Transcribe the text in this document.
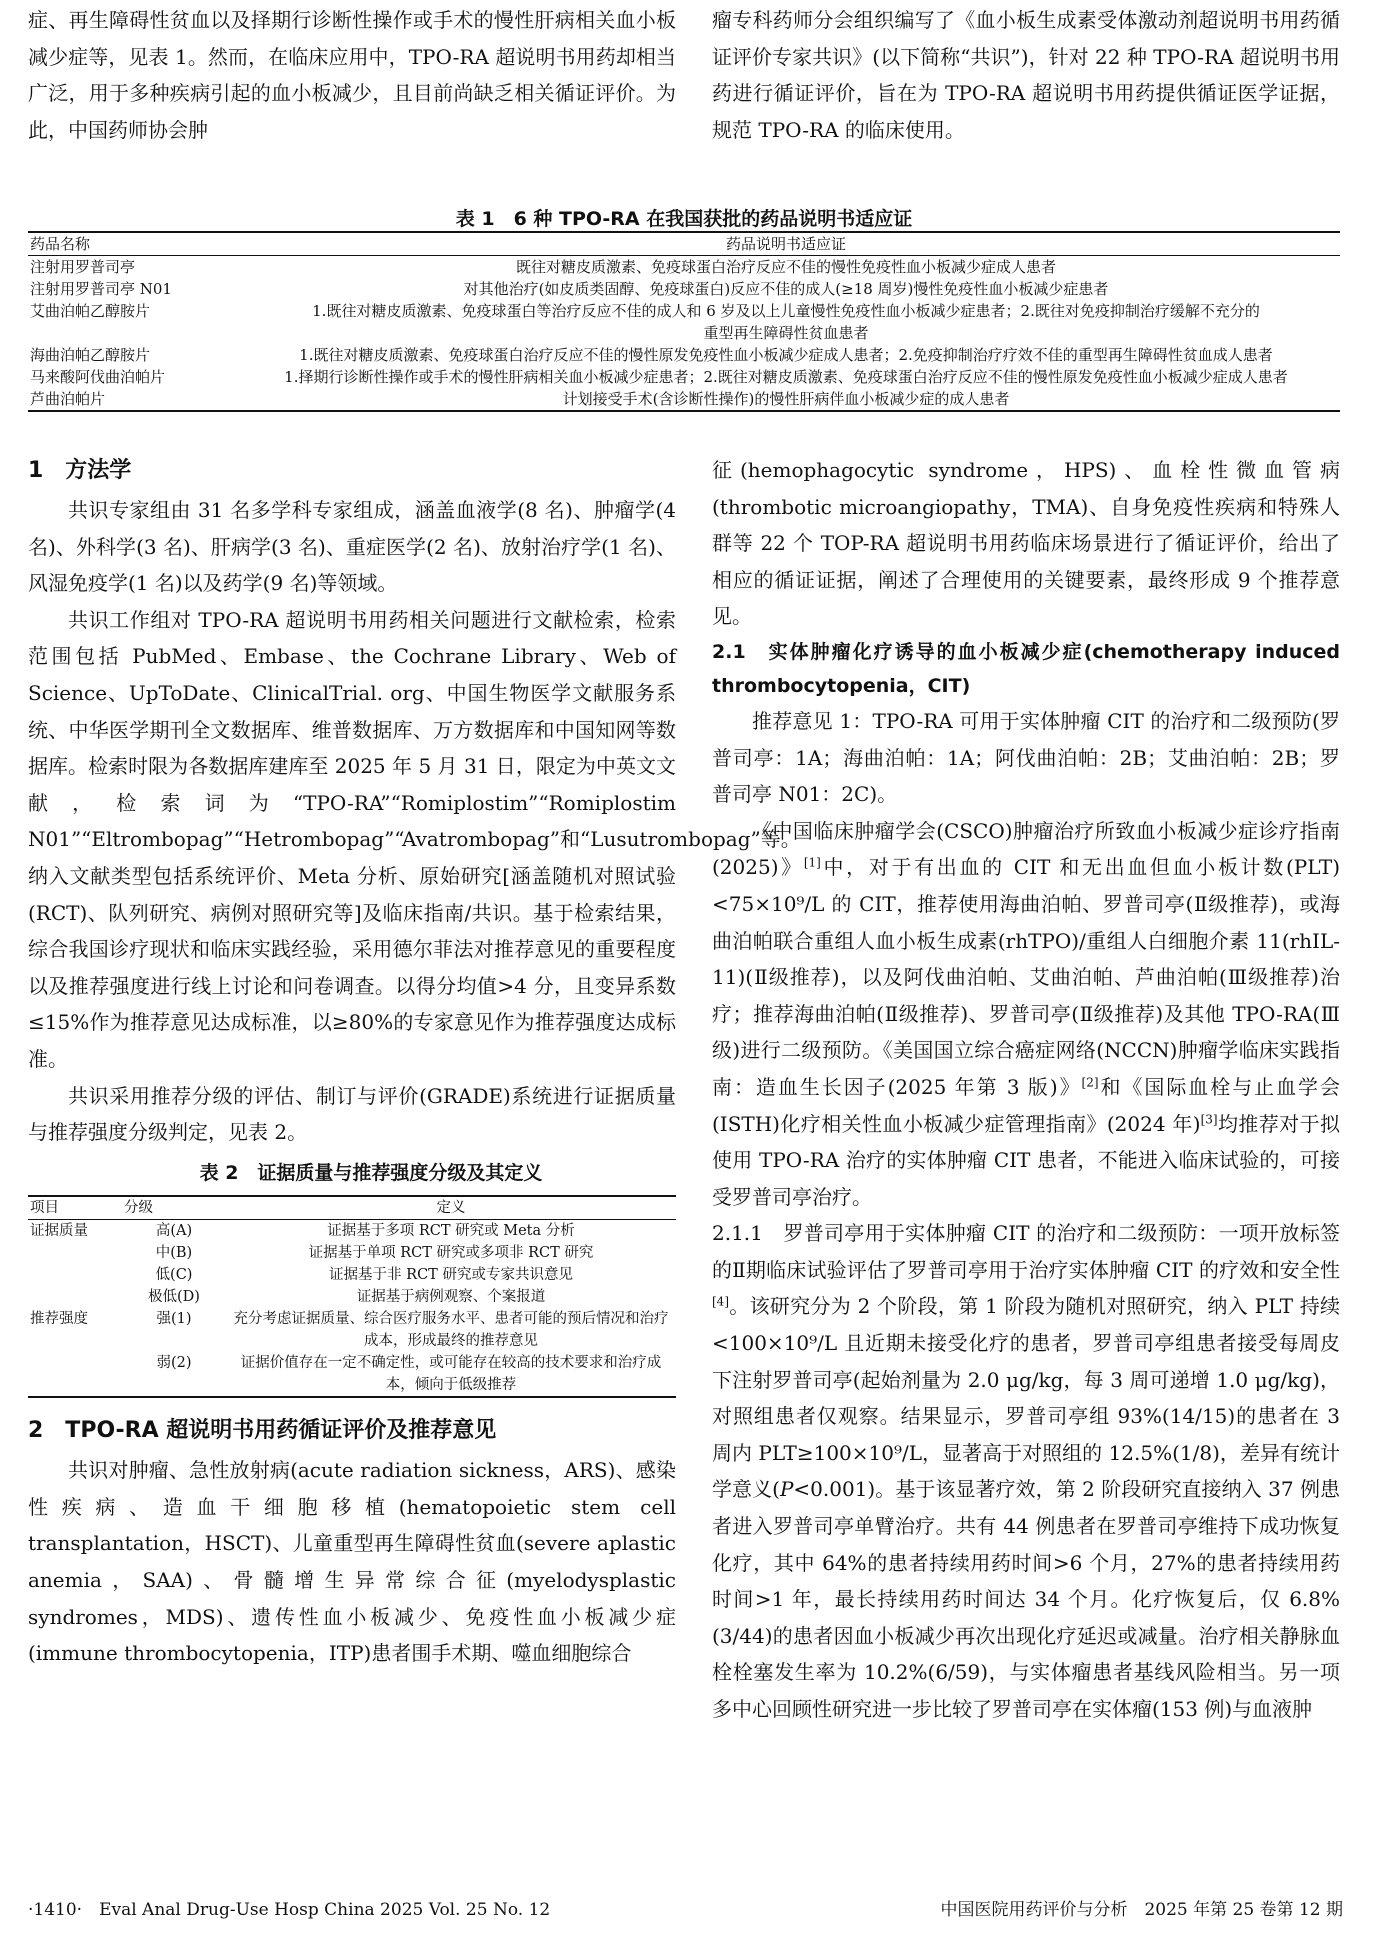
症、再生障碍性贫血以及择期行诊断性操作或手术的慢性肝病相关血小板减少症等，见表 1。然而，在临床应用中，TPO-RA 超说明书用药却相当广泛，用于多种疾病引起的血小板减少，且目前尚缺乏相关循证评价。为此，中国药师协会肿

瘤专科药师分会组织编写了《血小板生成素受体激动剂超说明书用药循证评价专家共识》(以下简称“共识”)，针对 22 种 TPO-RA 超说明书用药进行循证评价，旨在为 TPO-RA 超说明书用药提供循证医学证据，规范 TPO-RA 的临床使用。

表 1　6 种 TPO-RA 在我国获批的药品说明书适应证

药品名称	药品说明书适应证
注射用罗普司亭	既往对糖皮质激素、免疫球蛋白治疗反应不佳的慢性免疫性血小板减少症成人患者
注射用罗普司亭 N01	对其他治疗(如皮质类固醇、免疫球蛋白)反应不佳的成人(≥18 周岁)慢性免疫性血小板减少症患者
艾曲泊帕乙醇胺片	1.既往对糖皮质激素、免疫球蛋白等治疗反应不佳的成人和 6 岁及以上儿童慢性免疫性血小板减少症患者；2.既往对免疫抑制治疗缓解不充分的重型再生障碍性贫血患者
海曲泊帕乙醇胺片	1.既往对糖皮质激素、免疫球蛋白治疗反应不佳的慢性原发免疫性血小板减少症成人患者；2.免疫抑制治疗疗效不佳的重型再生障碍性贫血成人患者
马来酸阿伐曲泊帕片	1.择期行诊断性操作或手术的慢性肝病相关血小板减少症患者；2.既往对糖皮质激素、免疫球蛋白治疗反应不佳的慢性原发免疫性血小板减少症成人患者
芦曲泊帕片	计划接受手术(含诊断性操作)的慢性肝病伴血小板减少症的成人患者
1　方法学

共识专家组由 31 名多学科专家组成，涵盖血液学(8 名)、肿瘤学(4 名)、外科学(3 名)、肝病学(3 名)、重症医学(2 名)、放射治疗学(1 名)、风湿免疫学(1 名)以及药学(9 名)等领域。

共识工作组对 TPO-RA 超说明书用药相关问题进行文献检索，检索范围包括 PubMed、Embase、the Cochrane Library、Web of Science、UpToDate、ClinicalTrial. org、中国生物医学文献服务系统、中华医学期刊全文数据库、维普数据库、万方数据库和中国知网等数据库。检索时限为各数据库建库至 2025 年 5 月 31 日，限定为中英文文献，检索词为“TPO-RA”“Romiplostim”“Romiplostim N01”“Eltrombopag”“Hetrombopag”“Avatrombopag”和“Lusutrombopag”等。纳入文献类型包括系统评价、Meta 分析、原始研究[涵盖随机对照试验(RCT)、队列研究、病例对照研究等]及临床指南/共识。基于检索结果，综合我国诊疗现状和临床实践经验，采用德尔菲法对推荐意见的重要程度以及推荐强度进行线上讨论和问卷调查。以得分均值>4 分，且变异系数≤15%作为推荐意见达成标准，以≥80%的专家意见作为推荐强度达成标准。

共识采用推荐分级的评估、制订与评价(GRADE)系统进行证据质量与推荐强度分级判定，见表 2。

表 2　证据质量与推荐强度分级及其定义

项目	分级	定义
证据质量	高(A)	证据基于多项 RCT 研究或 Meta 分析
	中(B)	证据基于单项 RCT 研究或多项非 RCT 研究
	低(C)	证据基于非 RCT 研究或专家共识意见
	极低(D)	证据基于病例观察、个案报道
推荐强度	强(1)	充分考虑证据质量、综合医疗服务水平、患者可能的预后情况和治疗成本，形成最终的推荐意见
	弱(2)	证据价值存在一定不确定性，或可能存在较高的技术要求和治疗成本，倾向于低级推荐
2　TPO-RA 超说明书用药循证评价及推荐意见

共识对肿瘤、急性放射病(acute radiation sickness，ARS)、感染性疾病、造血干细胞移植(hematopoietic stem cell transplantation，HSCT)、儿童重型再生障碍性贫血(severe aplastic anemia，SAA)、骨髓增生异常综合征(myelodysplastic syndromes，MDS)、遗传性血小板减少、免疫性血小板减少症(immune thrombocytopenia，ITP)患者围手术期、噬血细胞综合

征(hemophagocytic syndrome，HPS)、血栓性微血管病(thrombotic microangiopathy，TMA)、自身免疫性疾病和特殊人群等 22 个 TOP-RA 超说明书用药临床场景进行了循证评价，给出了相应的循证证据，阐述了合理使用的关键要素，最终形成 9 个推荐意见。

2.1　实体肿瘤化疗诱导的血小板减少症(chemotherapy induced thrombocytopenia，CIT)

推荐意见 1：TPO-RA 可用于实体肿瘤 CIT 的治疗和二级预防(罗普司亭：1A；海曲泊帕：1A；阿伐曲泊帕：2B；艾曲泊帕：2B；罗普司亭 N01：2C)。

《中国临床肿瘤学会(CSCO)肿瘤治疗所致血小板减少症诊疗指南(2025)》[1]中，对于有出血的 CIT 和无出血但血小板计数(PLT)<75×10⁹/L 的 CIT，推荐使用海曲泊帕、罗普司亭(Ⅱ级推荐)，或海曲泊帕联合重组人血小板生成素(rhTPO)/重组人白细胞介素 11(rhIL-11)(Ⅱ级推荐)，以及阿伐曲泊帕、艾曲泊帕、芦曲泊帕(Ⅲ级推荐)治疗；推荐海曲泊帕(Ⅱ级推荐)、罗普司亭(Ⅱ级推荐)及其他 TPO-RA(Ⅲ级)进行二级预防。《美国国立综合癌症网络(NCCN)肿瘤学临床实践指南：造血生长因子(2025 年第 3 版)》[2]和《国际血栓与止血学会(ISTH)化疗相关性血小板减少症管理指南》(2024 年)[3]均推荐对于拟使用 TPO-RA 治疗的实体肿瘤 CIT 患者，不能进入临床试验的，可接受罗普司亭治疗。

2.1.1　罗普司亭用于实体肿瘤 CIT 的治疗和二级预防：一项开放标签的Ⅱ期临床试验评估了罗普司亭用于治疗实体肿瘤 CIT 的疗效和安全性[4]。该研究分为 2 个阶段，第 1 阶段为随机对照研究，纳入 PLT 持续<100×10⁹/L 且近期未接受化疗的患者，罗普司亭组患者接受每周皮下注射罗普司亭(起始剂量为 2.0 μg/kg，每 3 周可递增 1.0 μg/kg)，对照组患者仅观察。结果显示，罗普司亭组 93%(14/15)的患者在 3 周内 PLT≥100×10⁹/L，显著高于对照组的 12.5%(1/8)，差异有统计学意义(P<0.001)。基于该显著疗效，第 2 阶段研究直接纳入 37 例患者进入罗普司亭单臂治疗。共有 44 例患者在罗普司亭维持下成功恢复化疗，其中 64%的患者持续用药时间>6 个月，27%的患者持续用药时间>1 年，最长持续用药时间达 34 个月。化疗恢复后，仅 6.8%(3/44)的患者因血小板减少再次出现化疗延迟或减量。治疗相关静脉血栓栓塞发生率为 10.2%(6/59)，与实体瘤患者基线风险相当。另一项多中心回顾性研究进一步比较了罗普司亭在实体瘤(153 例)与血液肿

·1410·　Eval Anal Drug-Use Hosp China 2025 Vol. 25 No. 12	中国医院用药评价与分析　2025 年第 25 卷第 12 期
